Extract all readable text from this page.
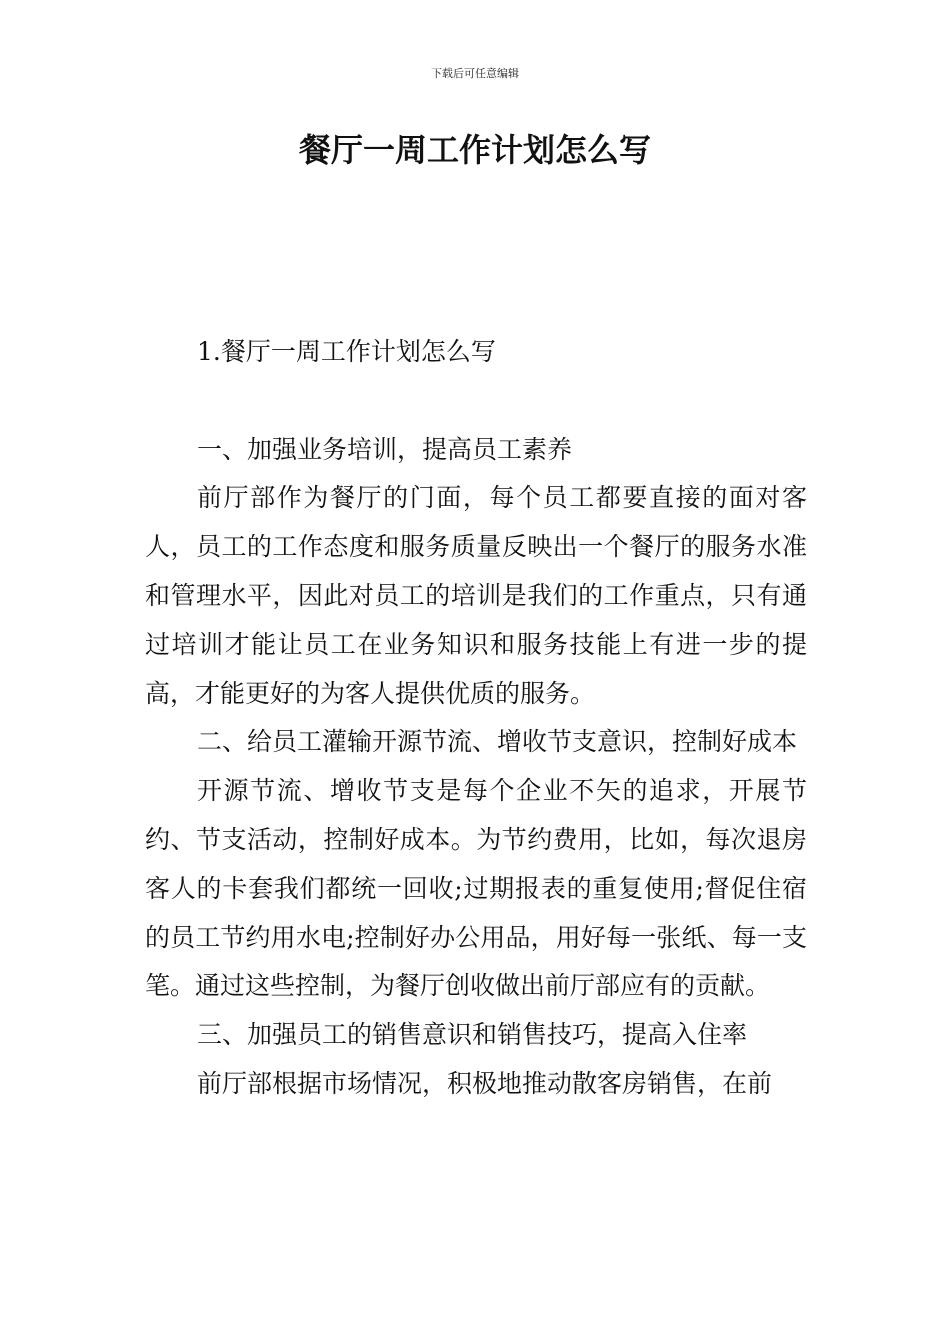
下载后可任意编辑
餐厅一周工作计划怎么写

1.餐厅一周工作计划怎么写

一、加强业务培训，提高员工素养

前厅部作为餐厅的门面，每个员工都要直接的面对客人，员工的工作态度和服务质量反映出一个餐厅的服务水准和管理水平，因此对员工的培训是我们的工作重点，只有通过培训才能让员工在业务知识和服务技能上有进一步的提高，才能更好的为客人提供优质的服务。

二、给员工灌输开源节流、增收节支意识，控制好成本

开源节流、增收节支是每个企业不矢的追求，开展节约、节支活动，控制好成本。为节约费用，比如，每次退房客人的卡套我们都统一回收;过期报表的重复使用;督促住宿的员工节约用水电;控制好办公用品，用好每一张纸、每一支笔。通过这些控制，为餐厅创收做出前厅部应有的贡献。

三、加强员工的销售意识和销售技巧，提高入住率

前厅部根据市场情况，积极地推动散客房销售，在前
